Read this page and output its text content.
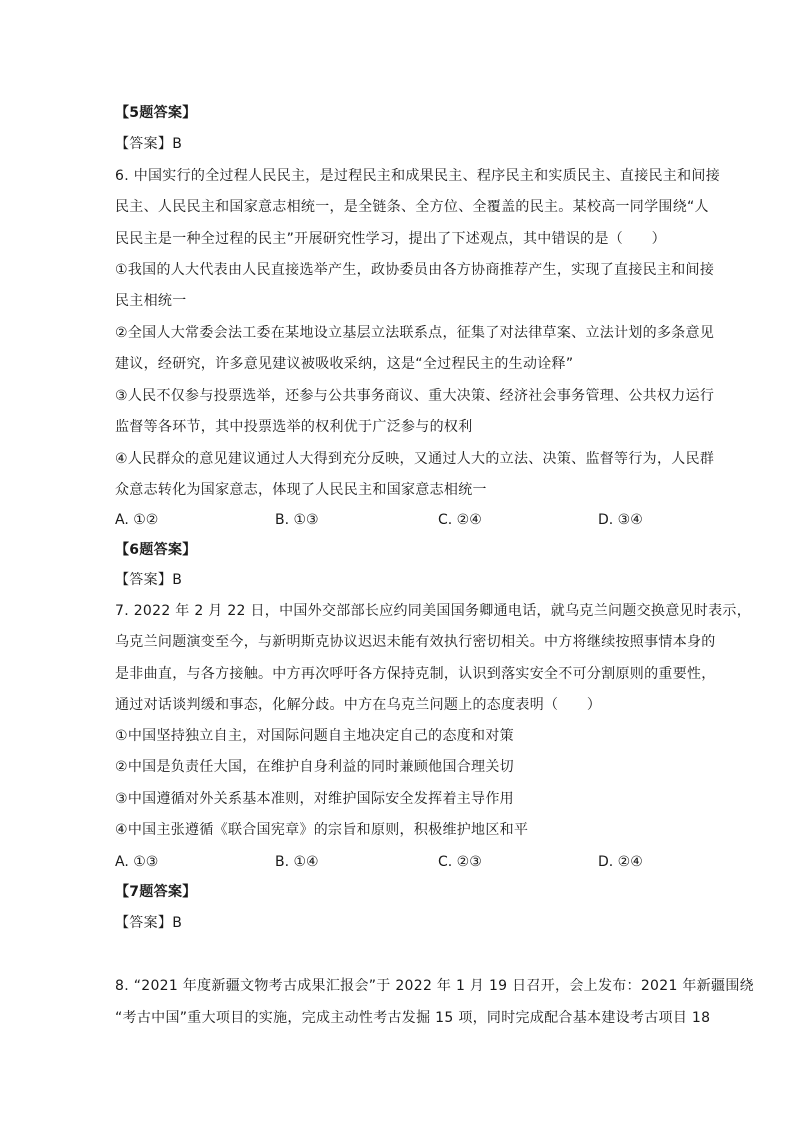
【5题答案】
【答案】B
6. 中国实行的全过程人民民主，是过程民主和成果民主、程序民主和实质民主、直接民主和间接
民主、人民民主和国家意志相统一，是全链条、全方位、全覆盖的民主。某校高一同学围绕“人
民民主是一种全过程的民主”开展研究性学习，提出了下述观点，其中错误的是（　　）
①我国的人大代表由人民直接选举产生，政协委员由各方协商推荐产生，实现了直接民主和间接
民主相统一
②全国人大常委会法工委在某地设立基层立法联系点，征集了对法律草案、立法计划的多条意见
建议，经研究，许多意见建议被吸收采纳，这是“全过程民主的生动诠释”
③人民不仅参与投票选举，还参与公共事务商议、重大决策、经济社会事务管理、公共权力运行
监督等各环节，其中投票选举的权利优于广泛参与的权利
④人民群众的意见建议通过人大得到充分反映，又通过人大的立法、决策、监督等行为，人民群
众意志转化为国家意志，体现了人民民主和国家意志相统一
A. ①②	B. ①③	C. ②④	D. ③④
【6题答案】
【答案】B
7. 2022 年 2 月 22 日，中国外交部部长应约同美国国务卿通电话，就乌克兰问题交换意见时表示，
乌克兰问题演变至今，与新明斯克协议迟迟未能有效执行密切相关。中方将继续按照事情本身的
是非曲直，与各方接触。中方再次呼吁各方保持克制，认识到落实安全不可分割原则的重要性，
通过对话谈判缓和事态，化解分歧。中方在乌克兰问题上的态度表明（　　）
①中国坚持独立自主，对国际问题自主地决定自己的态度和对策
②中国是负责任大国，在维护自身利益的同时兼顾他国合理关切
③中国遵循对外关系基本准则，对维护国际安全发挥着主导作用
④中国主张遵循《联合国宪章》的宗旨和原则，积极维护地区和平
A. ①③	B. ①④	C. ②③	D. ②④
【7题答案】
【答案】B
8. “2021 年度新疆文物考古成果汇报会”于 2022 年 1 月 19 日召开，会上发布：2021 年新疆围绕
“考古中国”重大项目的实施，完成主动性考古发掘 15 项，同时完成配合基本建设考古项目 18
